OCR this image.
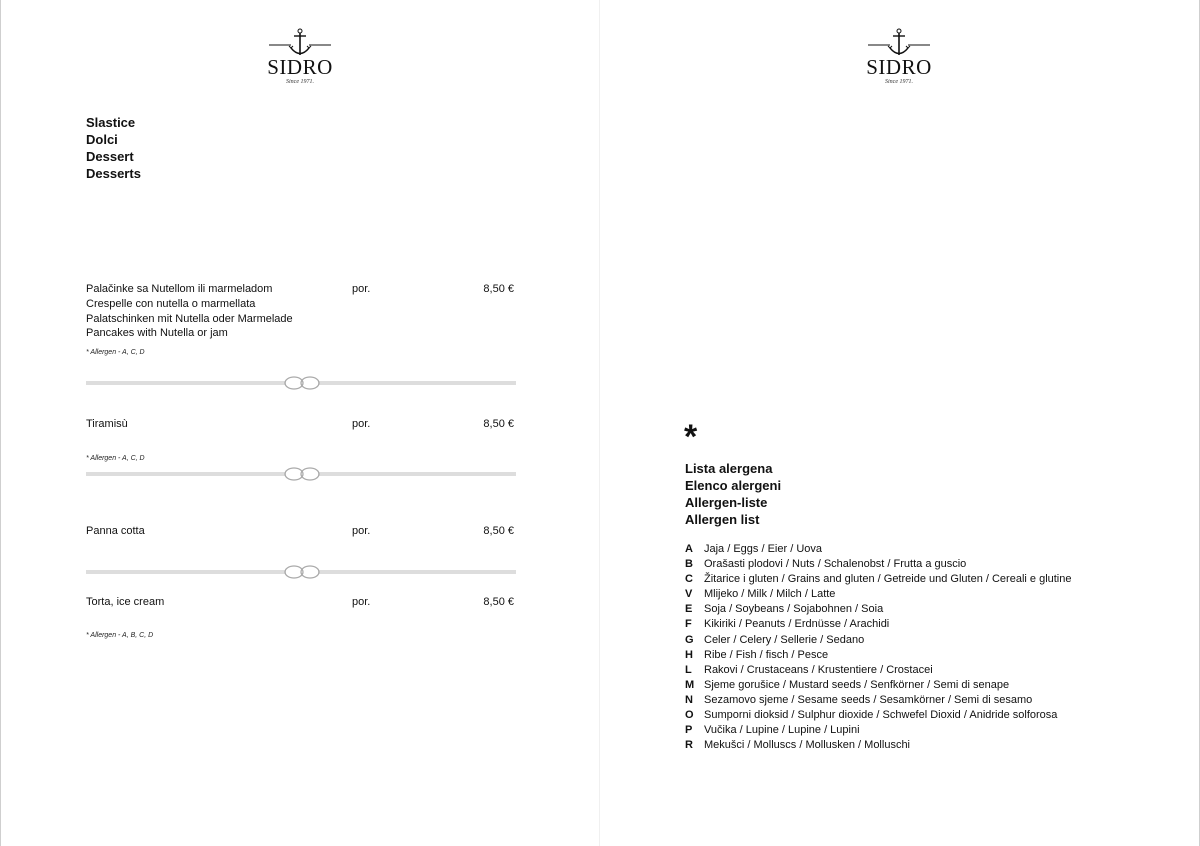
SIDRO
Since 1971.
SIDRO
Since 1971.
Slastice
Dolci
Dessert
Desserts
Palačinke sa Nutellom ili marmeladom
Crespelle con nutella o marmellata
Palatschinken mit Nutella oder Marmelade
Pancakes with Nutella or jam
por.	8,50 €
* Allergen - A, C, D
Tiramisù	por.	8,50 €
* Allergen - A, C, D
Panna cotta	por.	8,50 €
Torta, ice cream	por.	8,50 €
* Allergen - A, B, C, D
*
Lista alergena
Elenco alergeni
Allergen-liste
Allergen list
A Jaja / Eggs / Eier / Uova
B Orašasti plodovi / Nuts / Schalenobst / Frutta a guscio
C Žitarice i gluten / Grains and gluten / Getreide und Gluten / Cereali e glutine
V Mlijeko / Milk / Milch / Latte
E Soja / Soybeans / Sojabohnen / Soia
F Kikiriki / Peanuts / Erdnüsse / Arachidi
G Celer / Celery / Sellerie / Sedano
H Ribe / Fish / fisch / Pesce
L Rakovi / Crustaceans / Krustentiere / Crostacei
M Sjeme gorušice / Mustard seeds / Senfkörner / Semi di senape
N Sezamovo sjeme / Sesame seeds / Sesamkörner / Semi di sesamo
O Sumporni dioksid / Sulphur dioxide / Schwefel Dioxid / Anidride solforosa
P Vučika / Lupine / Lupine / Lupini
R Mekušci / Molluscs / Mollusken / Molluschi
